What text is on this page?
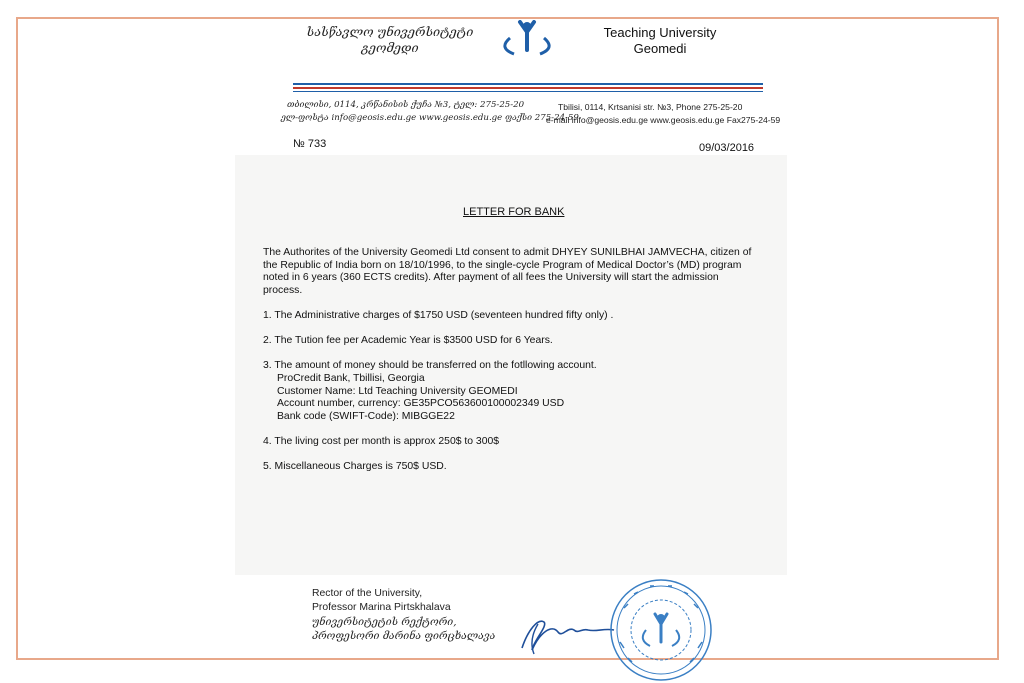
სასწავლო უნივერსიტეტი
გეომედი
Teaching University
Geomedi
თბილისი, 0114, კრწანისის ქუჩა №3, ტელ: 275-25-20
ელ-ფოსტა info@geosis.edu.ge www.geosis.edu.ge ფაქსი 275-24-59
Tbilisi, 0114, Krtsanisi str. №3, Phone 275-25-20
e-mail info@geosis.edu.ge www.geosis.edu.ge Fax275-24-59
№ 733	09/03/2016
LETTER FOR BANK
The Authorites of the University Geomedi Ltd consent to admit DHYEY SUNILBHAI JAMVECHA, citizen of
the Republic of India born on 18/10/1996, to the single-cycle Program of Medical Doctor’s (MD) program
noted in 6 years (360 ECTS credits). After payment of all fees the University will start the admission
process.
1. The Administrative charges of $1750 USD (seventeen hundred fifty only) .
2. The Tution fee per Academic Year is $3500 USD for 6 Years.
3. The amount of money should be transferred on the fotllowing account.
ProCredit Bank, Tbillisi, Georgia
Customer Name: Ltd Teaching University GEOMEDI
Account number, currency: GE35PCO563600100002349 USD
Bank code (SWIFT-Code): MIBGGE22
4. The living cost per month is approx 250$ to 300$
5. Miscellaneous Charges is 750$ USD.
Rector of the University,
Professor Marina Pirtskhalava
უნივერსიტეტის რექტორი,
პროფესორი მარინა ფირცხალავა
